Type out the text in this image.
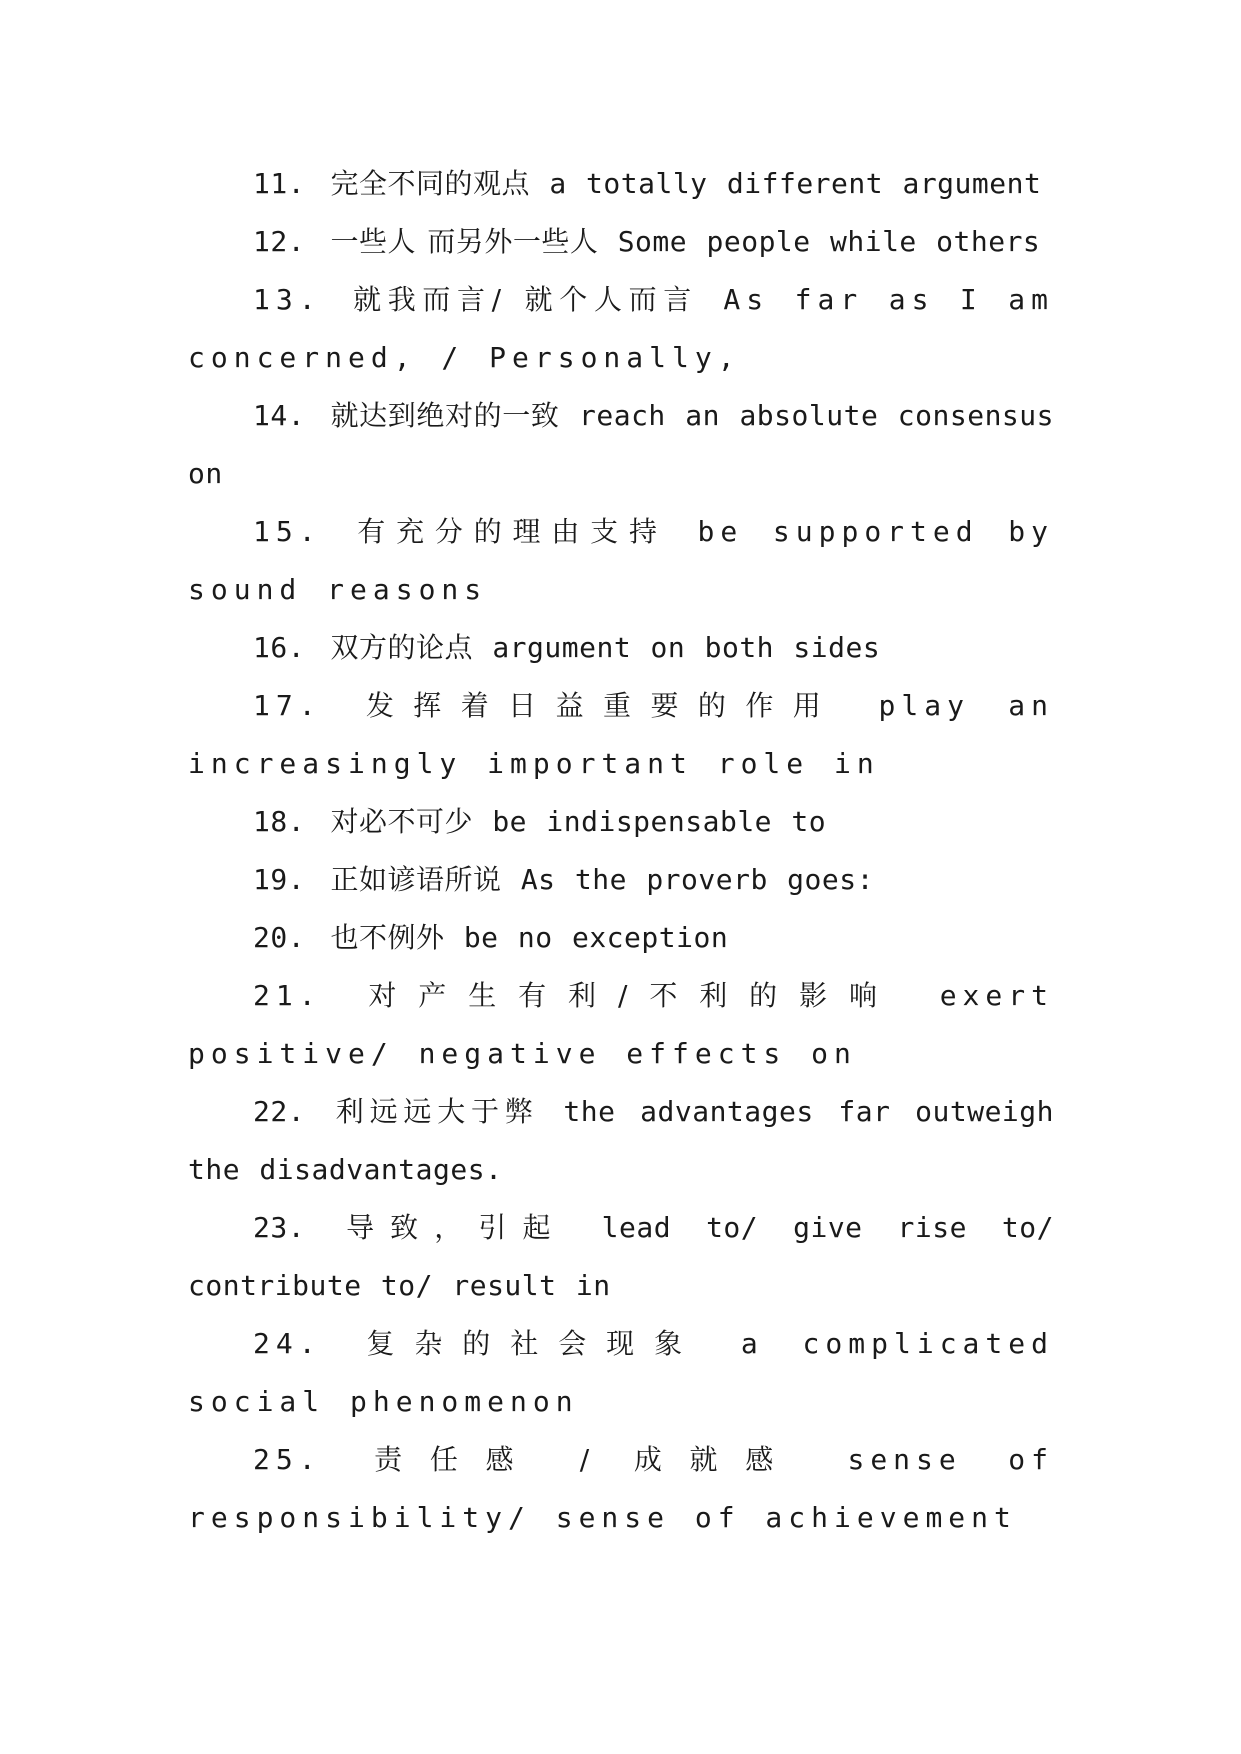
11. 完全不同的观点 a totally different argument

12. 一些人 而另外一些人 Some people while others

13. 就我而言/ 就个人而言 As far as I am concerned, / Personally,

14. 就达到绝对的一致 reach an absolute consensus on

15. 有充分的理由支持 be supported by sound reasons

16. 双方的论点 argument on both sides

17. 发挥着日益重要的作用 play an increasingly important role in

18. 对必不可少 be indispensable to

19. 正如谚语所说 As the proverb goes:

20. 也不例外 be no exception

21. 对产生有利/不利的影响 exert positive/ negative effects on

22. 利远远大于弊 the advantages far outweigh the disadvantages.

23. 导致，引起 lead to/ give rise to/ contribute to/ result in

24. 复杂的社会现象 a complicated social phenomenon

25. 责任感 / 成就感 sense of responsibility/ sense of achievement
